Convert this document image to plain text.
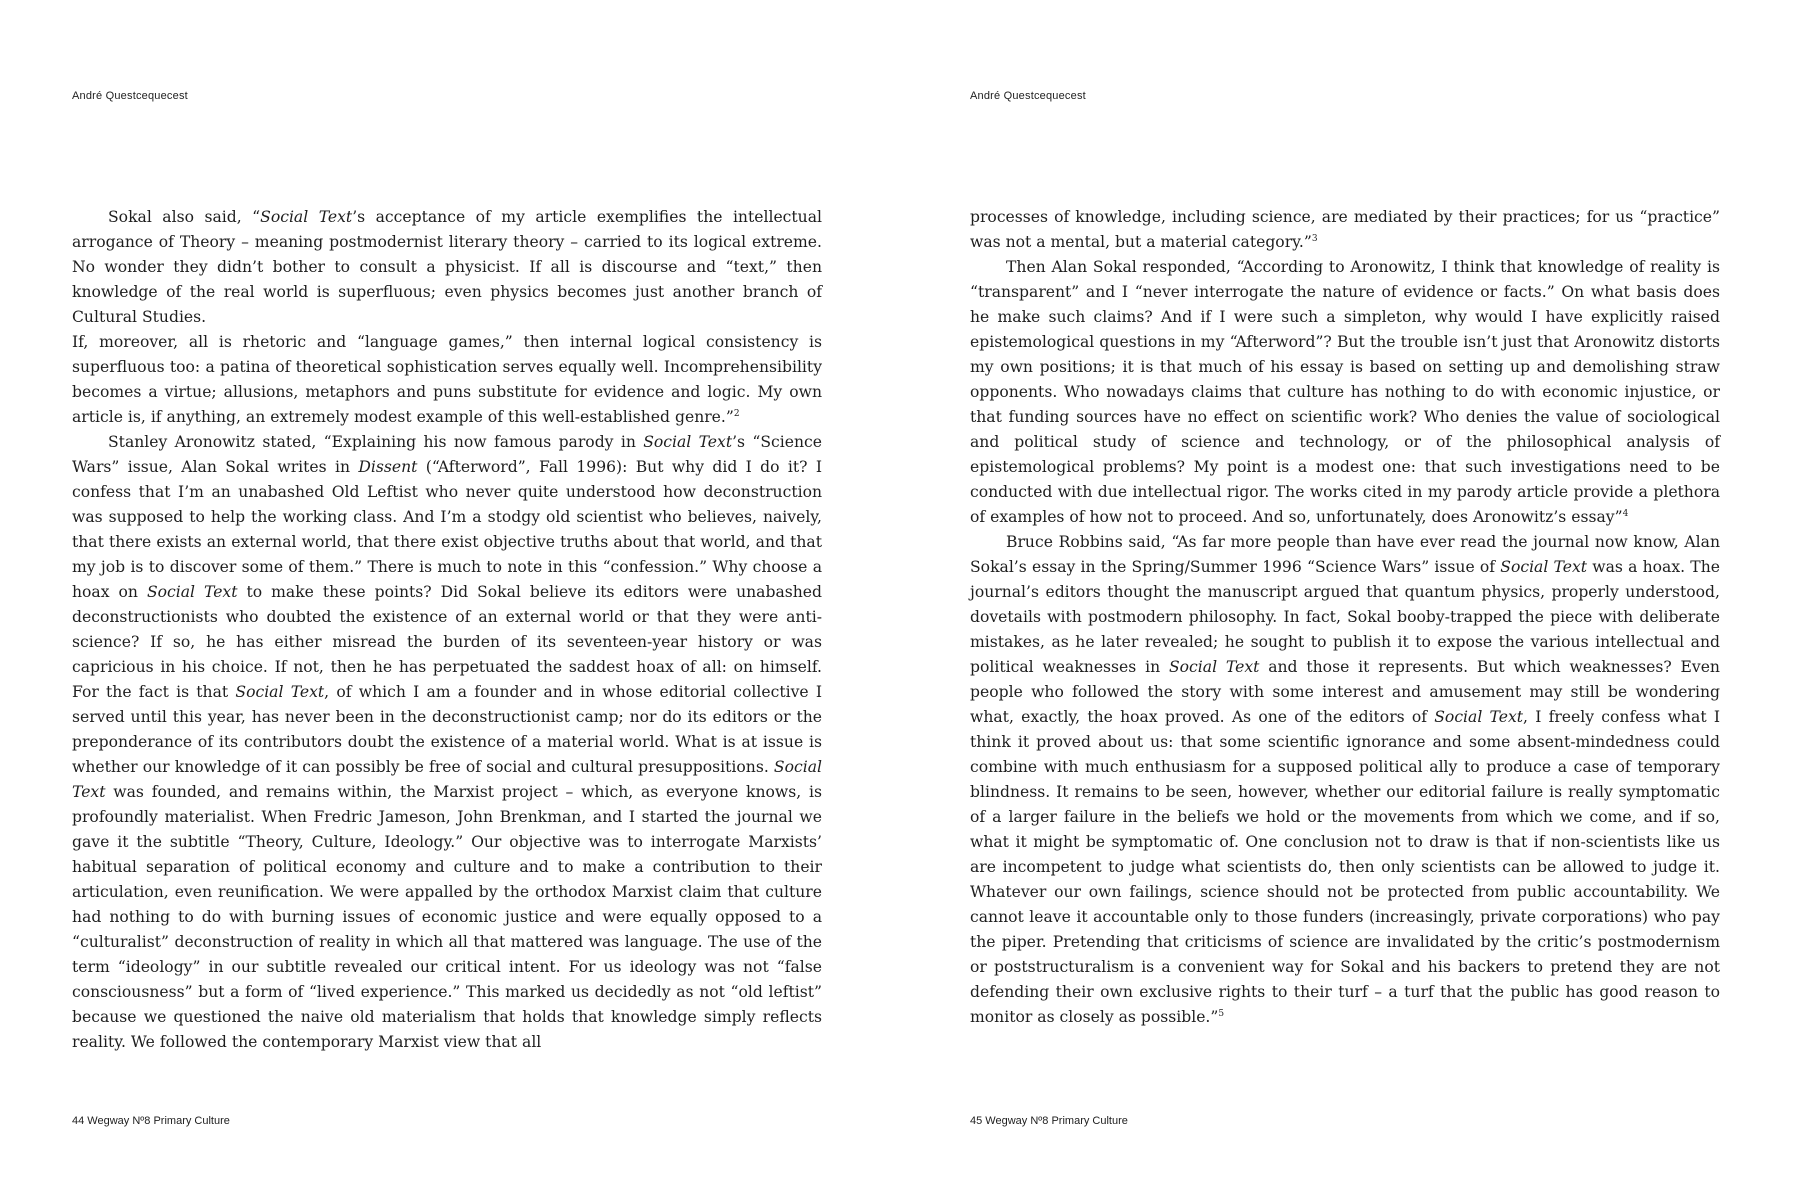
André Questcequecest

Sokal also said, “Social Text’s acceptance of my article exemplifies the intellectual arrogance of Theory – meaning postmodernist literary theory – carried to its logical extreme. No wonder they didn’t bother to consult a physicist. If all is discourse and “text,” then knowledge of the real world is superfluous; even physics becomes just another branch of Cultural Studies.

If, moreover, all is rhetoric and “language games,” then internal logical consistency is superfluous too: a patina of theoretical sophistication serves equally well. Incomprehensibility becomes a virtue; allusions, metaphors and puns substitute for evidence and logic. My own article is, if anything, an extremely modest example of this well-established genre.”$^2$

Stanley Aronowitz stated, “Explaining his now famous parody in Social Text’s “Science Wars” issue, Alan Sokal writes in Dissent (“Afterword”, Fall 1996): But why did I do it? I confess that I’m an unabashed Old Leftist who never quite understood how deconstruction was supposed to help the working class. And I’m a stodgy old scientist who believes, naively, that there exists an external world, that there exist objective truths about that world, and that my job is to discover some of them.” There is much to note in this “confession.” Why choose a hoax on Social Text to make these points? Did Sokal believe its editors were unabashed deconstructionists who doubted the existence of an external world or that they were anti-science? If so, he has either misread the burden of its seventeen-year history or was capricious in his choice. If not, then he has perpetuated the saddest hoax of all: on himself. For the fact is that Social Text, of which I am a founder and in whose editorial collective I served until this year, has never been in the deconstructionist camp; nor do its editors or the preponderance of its contributors doubt the existence of a material world. What is at issue is whether our knowledge of it can possibly be free of social and cultural presuppositions. Social Text was founded, and remains within, the Marxist project – which, as everyone knows, is profoundly materialist. When Fredric Jameson, John Brenkman, and I started the journal we gave it the subtitle “Theory, Culture, Ideology.” Our objective was to interrogate Marxists’ habitual separation of political economy and culture and to make a contribution to their articulation, even reunification. We were appalled by the orthodox Marxist claim that culture had nothing to do with burning issues of economic justice and were equally opposed to a “culturalist” deconstruction of reality in which all that mattered was language. The use of the term “ideology” in our subtitle revealed our critical intent. For us ideology was not “false consciousness” but a form of “lived experience.” This marked us decidedly as not “old leftist” because we questioned the naive old materialism that holds that knowledge simply reflects reality. We followed the contemporary Marxist view that all

44 Wegway Nº8 Primary Culture
André Questcequecest

processes of knowledge, including science, are mediated by their practices; for us “practice” was not a mental, but a material category.”$^3$

Then Alan Sokal responded, “According to Aronowitz, I think that knowledge of reality is “transparent” and I “never interrogate the nature of evidence or facts.” On what basis does he make such claims? And if I were such a simpleton, why would I have explicitly raised epistemological questions in my “Afterword”? But the trouble isn’t just that Aronowitz distorts my own positions; it is that much of his essay is based on setting up and demolishing straw opponents. Who nowadays claims that culture has nothing to do with economic injustice, or that funding sources have no effect on scientific work? Who denies the value of sociological and political study of science and technology, or of the philosophical analysis of epistemological problems? My point is a modest one: that such investigations need to be conducted with due intellectual rigor. The works cited in my parody article provide a plethora of examples of how not to proceed. And so, unfortunately, does Aronowitz’s essay”$^4$

Bruce Robbins said, “As far more people than have ever read the journal now know, Alan Sokal’s essay in the Spring/Summer 1996 “Science Wars” issue of Social Text was a hoax. The journal’s editors thought the manuscript argued that quantum physics, properly understood, dovetails with postmodern philosophy. In fact, Sokal booby-trapped the piece with deliberate mistakes, as he later revealed; he sought to publish it to expose the various intellectual and political weaknesses in Social Text and those it represents. But which weaknesses? Even people who followed the story with some interest and amusement may still be wondering what, exactly, the hoax proved. As one of the editors of Social Text, I freely confess what I think it proved about us: that some scientific ignorance and some absent-mindedness could combine with much enthusiasm for a supposed political ally to produce a case of temporary blindness. It remains to be seen, however, whether our editorial failure is really symptomatic of a larger failure in the beliefs we hold or the movements from which we come, and if so, what it might be symptomatic of. One conclusion not to draw is that if non-scientists like us are incompetent to judge what scientists do, then only scientists can be allowed to judge it. Whatever our own failings, science should not be protected from public accountability. We cannot leave it accountable only to those funders (increasingly, private corporations) who pay the piper. Pretending that criticisms of science are invalidated by the critic’s postmodernism or poststructuralism is a convenient way for Sokal and his backers to pretend they are not defending their own exclusive rights to their turf – a turf that the public has good reason to monitor as closely as possible.”$^5$

45 Wegway Nº8 Primary Culture
